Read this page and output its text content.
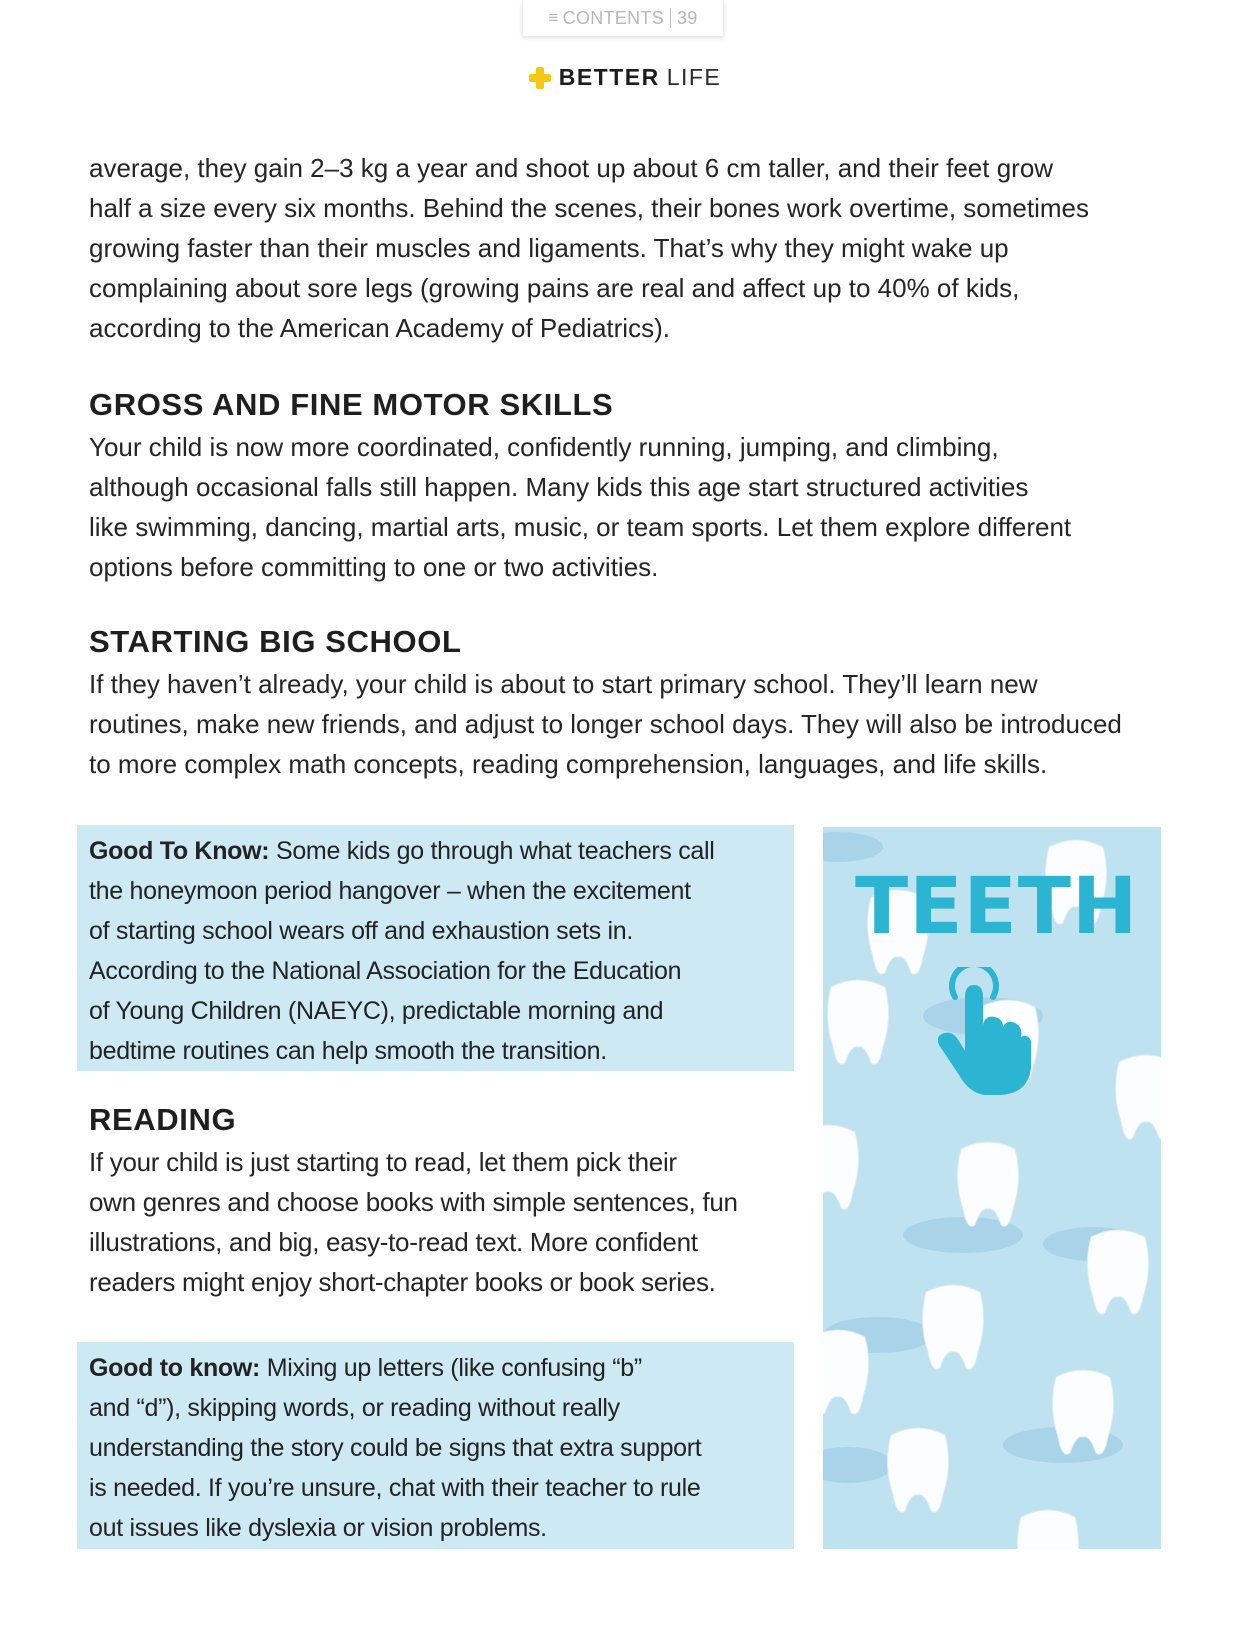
≡ CONTENTS 39
BETTER LIFE

average, they gain 2–3 kg a year and shoot up about 6 cm taller, and their feet grow

half a size every six months. Behind the scenes, their bones work overtime, sometimes

growing faster than their muscles and ligaments. That’s why they might wake up

complaining about sore legs (growing pains are real and affect up to 40% of kids,

according to the American Academy of Pediatrics).

GROSS AND FINE MOTOR SKILLS

Your child is now more coordinated, confidently running, jumping, and climbing,

although occasional falls still happen. Many kids this age start structured activities

like swimming, dancing, martial arts, music, or team sports. Let them explore different

options before committing to one or two activities.

STARTING BIG SCHOOL

If they haven’t already, your child is about to start primary school. They’ll learn new

routines, make new friends, and adjust to longer school days. They will also be introduced

to more complex math concepts, reading comprehension, languages, and life skills.

Good To Know: Some kids go through what teachers call

the honeymoon period hangover – when the excitement

of starting school wears off and exhaustion sets in.

According to the National Association for the Education

of Young Children (NAEYC), predictable morning and

bedtime routines can help smooth the transition.

READING

If your child is just starting to read, let them pick their

own genres and choose books with simple sentences, fun

illustrations, and big, easy-to-read text. More confident

readers might enjoy short-chapter books or book series.

Good to know: Mixing up letters (like confusing “b”

and “d”), skipping words, or reading without really

understanding the story could be signs that extra support

is needed. If you’re unsure, chat with their teacher to rule

out issues like dyslexia or vision problems.

TEETH
